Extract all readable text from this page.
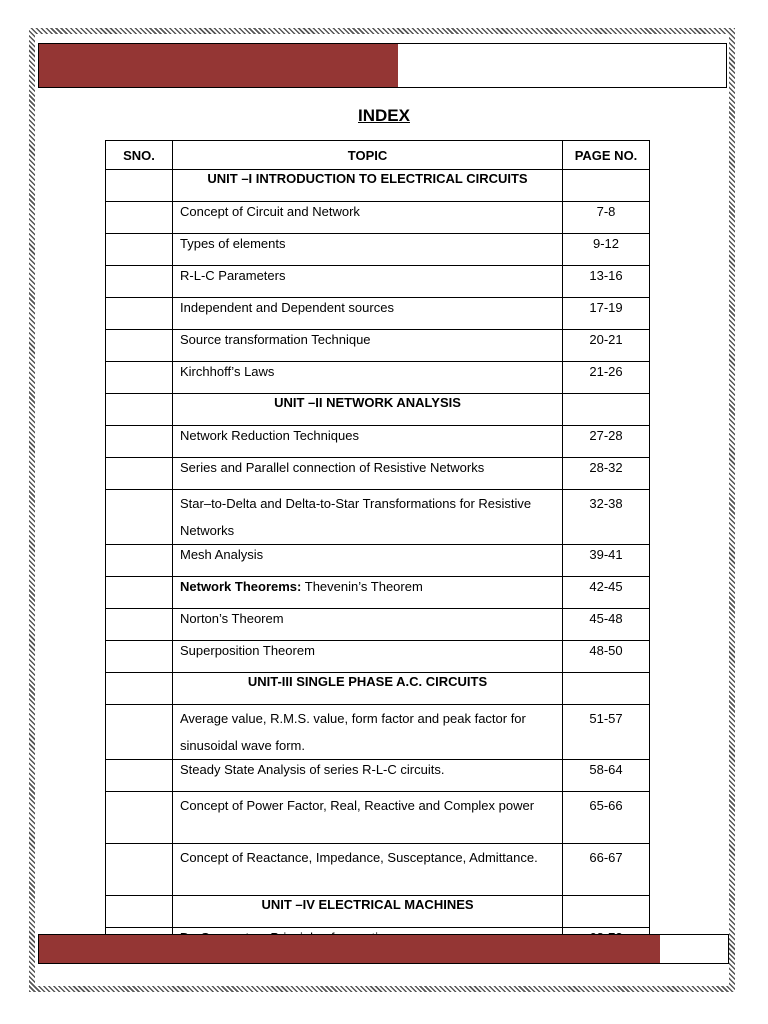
INDEX
SNO.	TOPIC	PAGE NO.
	UNIT –I INTRODUCTION TO ELECTRICAL CIRCUITS	
	Concept of Circuit and Network	7-8
	Types of elements	9-12
	R-L-C Parameters	13-16
	Independent and Dependent sources	17-19
	Source transformation Technique	20-21
	Kirchhoff’s Laws	21-26
	UNIT –II NETWORK ANALYSIS	
	Network Reduction Techniques	27-28
	Series and Parallel connection of Resistive Networks	28-32
	Star–to-Delta and Delta-to-Star Transformations for Resistive Networks	32-38
	Mesh Analysis	39-41
	Network Theorems: Thevenin’s Theorem	42-45
	Norton’s Theorem	45-48
	Superposition Theorem	48-50
	UNIT-III SINGLE PHASE A.C. CIRCUITS	
	Average value, R.M.S. value, form factor and peak factor for sinusoidal wave form.	51-57
	Steady State Analysis of series R-L-C circuits.	58-64
	Concept of Power Factor, Real, Reactive and Complex power	65-66
	Concept of Reactance, Impedance, Susceptance, Admittance.	66-67
	UNIT –IV ELECTRICAL MACHINES	
